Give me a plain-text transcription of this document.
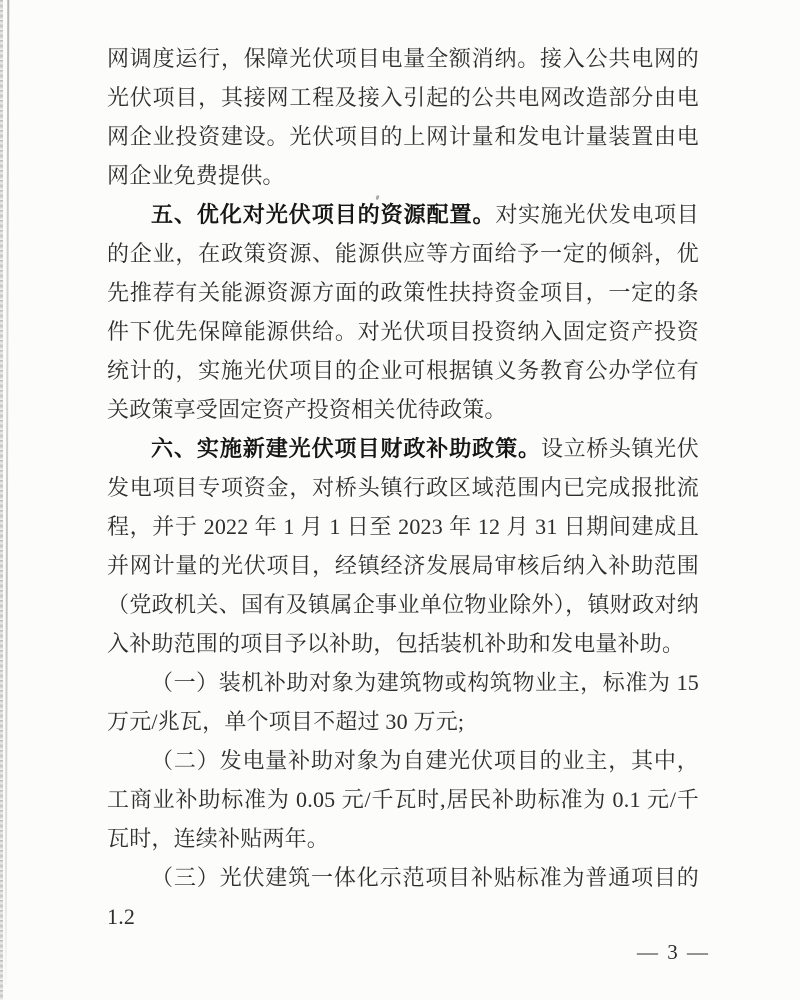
网调度运行，保障光伏项目电量全额消纳。接入公共电网的光伏项目，其接网工程及接入引起的公共电网改造部分由电网企业投资建设。光伏项目的上网计量和发电计量装置由电网企业免费提供。

五、优化对光伏项目的资源配置。对实施光伏发电项目的企业，在政策资源、能源供应等方面给予一定的倾斜，优先推荐有关能源资源方面的政策性扶持资金项目，一定的条件下优先保障能源供给。对光伏项目投资纳入固定资产投资统计的，实施光伏项目的企业可根据镇义务教育公办学位有关政策享受固定资产投资相关优待政策。

六、实施新建光伏项目财政补助政策。设立桥头镇光伏发电项目专项资金，对桥头镇行政区域范围内已完成报批流程，并于 2022 年 1 月 1 日至 2023 年 12 月 31 日期间建成且并网计量的光伏项目，经镇经济发展局审核后纳入补助范围（党政机关、国有及镇属企事业单位物业除外），镇财政对纳入补助范围的项目予以补助，包括装机补助和发电量补助。

（一）装机补助对象为建筑物或构筑物业主，标准为 15 万元/兆瓦，单个项目不超过 30 万元;

（二）发电量补助对象为自建光伏项目的业主，其中，工商业补助标准为 0.05 元/千瓦时,居民补助标准为 0.1 元/千瓦时，连续补贴两年。

（三）光伏建筑一体化示范项目补贴标准为普通项目的 1.2

— 3 —
